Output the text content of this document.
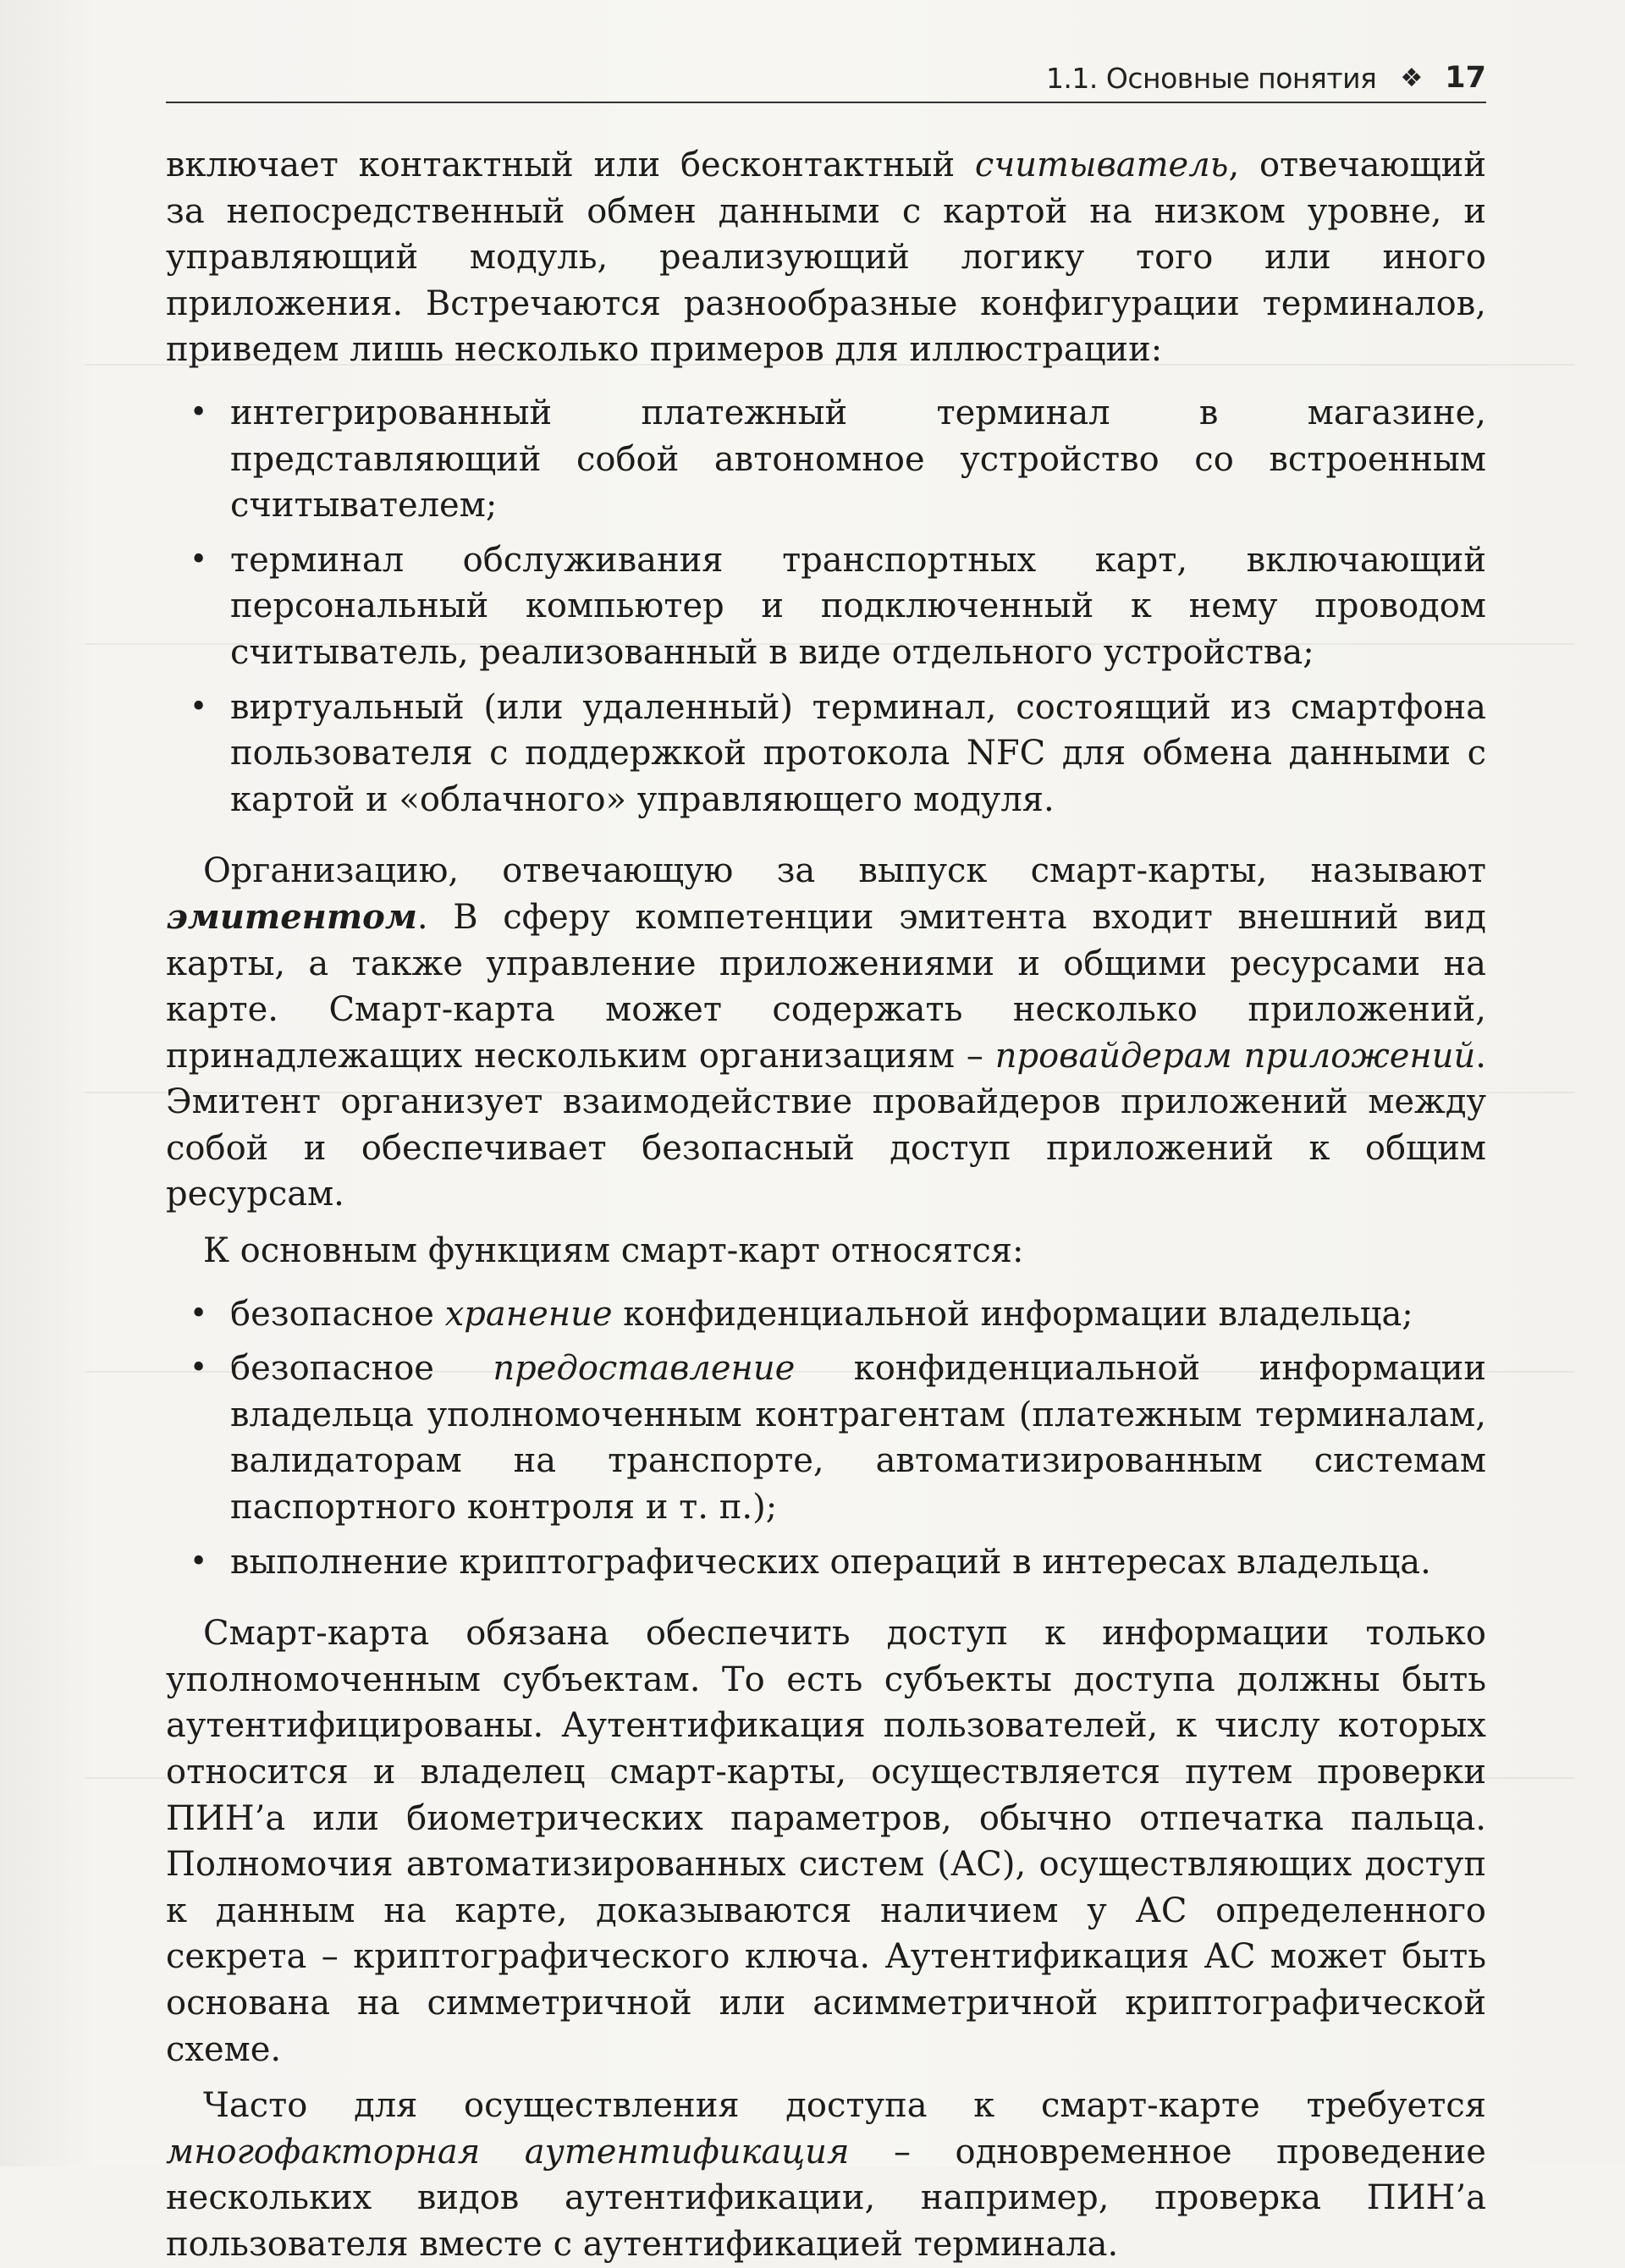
1.1. Основные понятия ❖ 17

включает контактный или бесконтактный считыватель, отвечающий за непосредственный обмен данными с картой на низком уровне, и управляющий модуль, реализующий логику того или иного приложения. Встречаются разнообразные конфигурации терминалов, приведем лишь несколько примеров для иллюстрации:

• интегрированный платежный терминал в магазине, представляющий собой автономное устройство со встроенным считывателем;
• терминал обслуживания транспортных карт, включающий персональный компьютер и подключенный к нему проводом считыватель, реализованный в виде отдельного устройства;
• виртуальный (или удаленный) терминал, состоящий из смартфона пользователя с поддержкой протокола NFC для обмена данными с картой и «облачного» управляющего модуля.

Организацию, отвечающую за выпуск смарт-карты, называют эмитентом. В сферу компетенции эмитента входит внешний вид карты, а также управление приложениями и общими ресурсами на карте. Смарт-карта может содержать несколько приложений, принадлежащих нескольким организациям – провайдерам приложений. Эмитент организует взаимодействие провайдеров приложений между собой и обеспечивает безопасный доступ приложений к общим ресурсам.

К основным функциям смарт-карт относятся:

• безопасное хранение конфиденциальной информации владельца;
• безопасное предоставление конфиденциальной информации владельца уполномоченным контрагентам (платежным терминалам, валидаторам на транспорте, автоматизированным системам паспортного контроля и т. п.);
• выполнение криптографических операций в интересах владельца.

Смарт-карта обязана обеспечить доступ к информации только уполномоченным субъектам. То есть субъекты доступа должны быть аутентифицированы. Аутентификация пользователей, к числу которых относится и владелец смарт-карты, осуществляется путем проверки ПИН’а или биометрических параметров, обычно отпечатка пальца. Полномочия автоматизированных систем (АС), осуществляющих доступ к данным на карте, доказываются наличием у АС определенного секрета – криптографического ключа. Аутентификация АС может быть основана на симметричной или асимметричной криптографической схеме.

Часто для осуществления доступа к смарт-карте требуется многофакторная аутентификация – одновременное проведение нескольких видов аутентификации, например, проверка ПИН’а пользователя вместе с аутентификацией терминала.
